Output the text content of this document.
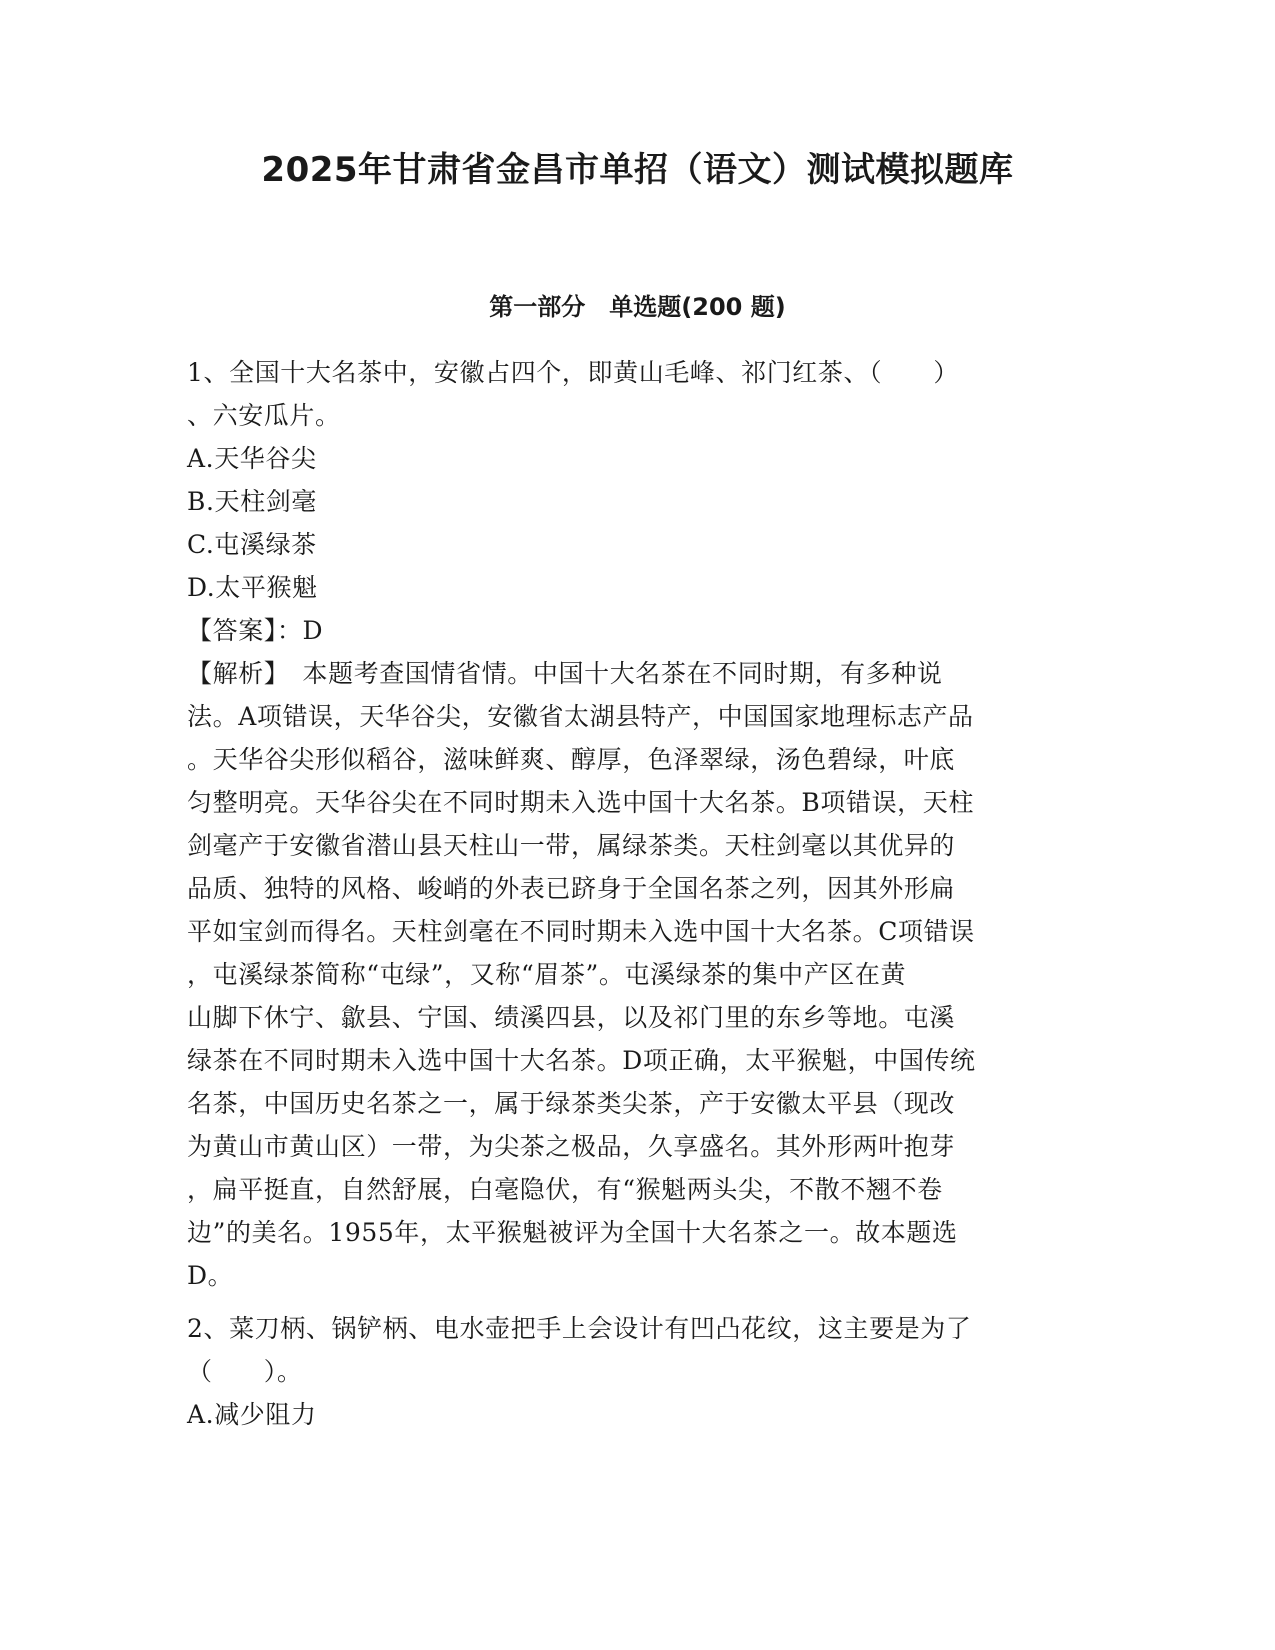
2025年甘肃省金昌市单招（语文）测试模拟题库
第一部分　单选题(200 题)
1、全国十大名茶中，安徽占四个，即黄山毛峰、祁门红茶、（　　）
、六安瓜片。
A.天华谷尖
B.天柱剑毫
C.屯溪绿茶
D.太平猴魁
【答案】：D
【解析】　本题考查国情省情。中国十大名茶在不同时期，有多种说
法。A项错误，天华谷尖，安徽省太湖县特产，中国国家地理标志产品
。天华谷尖形似稻谷，滋味鲜爽、醇厚，色泽翠绿，汤色碧绿，叶底
匀整明亮。天华谷尖在不同时期未入选中国十大名茶。B项错误，天柱
剑毫产于安徽省潜山县天柱山一带，属绿茶类。天柱剑毫以其优异的
品质、独特的风格、峻峭的外表已跻身于全国名茶之列，因其外形扁
平如宝剑而得名。天柱剑毫在不同时期未入选中国十大名茶。C项错误
，屯溪绿茶简称“屯绿”，又称“眉茶”。屯溪绿茶的集中产区在黄
山脚下休宁、歙县、宁国、绩溪四县，以及祁门里的东乡等地。屯溪
绿茶在不同时期未入选中国十大名茶。D项正确，太平猴魁，中国传统
名茶，中国历史名茶之一，属于绿茶类尖茶，产于安徽太平县（现改
为黄山市黄山区）一带，为尖茶之极品，久享盛名。其外形两叶抱芽
，扁平挺直，自然舒展，白毫隐伏，有“猴魁两头尖，不散不翘不卷
边”的美名。1955年，太平猴魁被评为全国十大名茶之一。故本题选
D。
2、菜刀柄、锅铲柄、电水壶把手上会设计有凹凸花纹，这主要是为了
（　　）。
A.减少阻力
